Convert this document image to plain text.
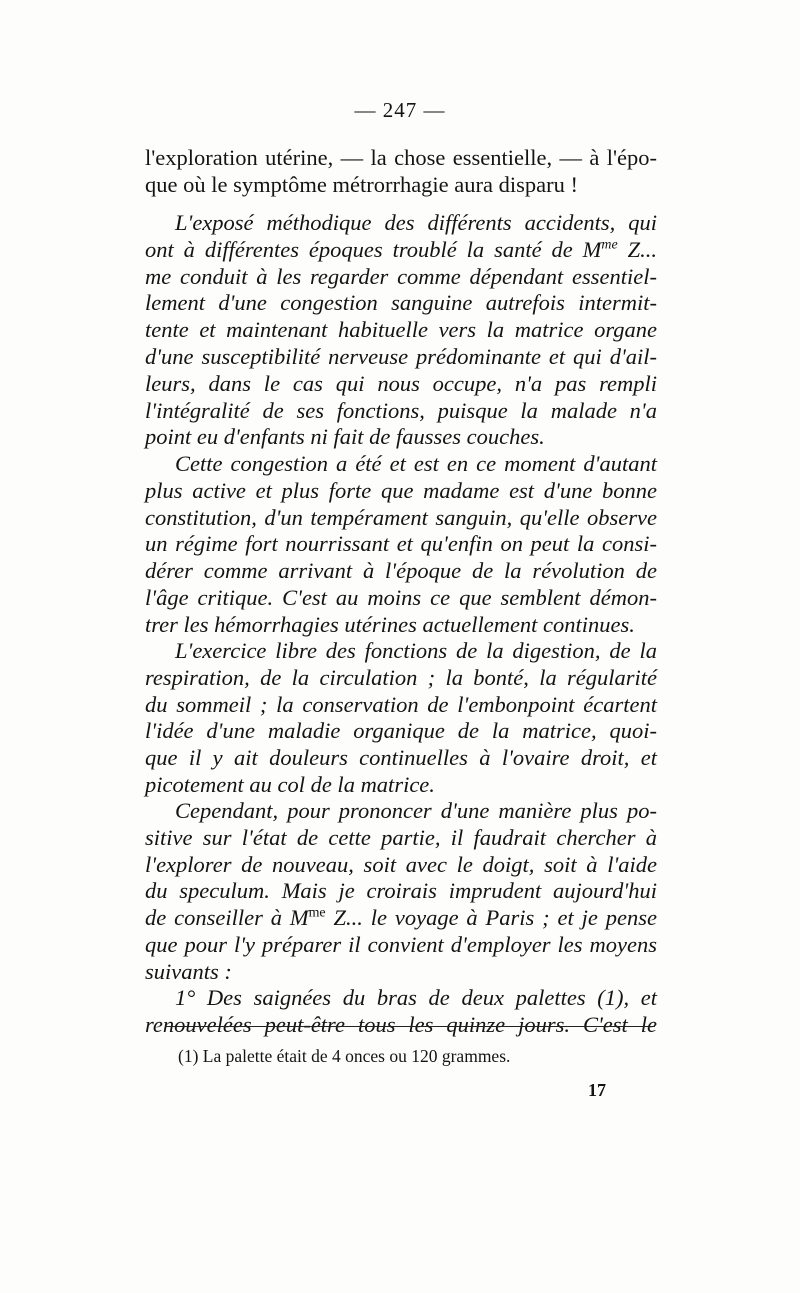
— 247 —
l'exploration utérine, — la chose essentielle, — à l'épo-
que où le symptôme métrorrhagie aura disparu !
L'exposé méthodique des différents accidents, qui
ont à différentes époques troublé la santé de $M^{me}$ Z...
me conduit à les regarder comme dépendant essentiel-
lement d'une congestion sanguine autrefois intermit-
tente et maintenant habituelle vers la matrice organe
d'une susceptibilité nerveuse prédominante et qui d'ail-
leurs, dans le cas qui nous occupe, n'a pas rempli
l'intégralité de ses fonctions, puisque la malade n'a
point eu d'enfants ni fait de fausses couches.
Cette congestion a été et est en ce moment d'autant
plus active et plus forte que madame est d'une bonne
constitution, d'un tempérament sanguin, qu'elle observe
un régime fort nourrissant et qu'enfin on peut la consi-
dérer comme arrivant à l'époque de la révolution de
l'âge critique. C'est au moins ce que semblent démon-
trer les hémorrhagies utérines actuellement continues.
L'exercice libre des fonctions de la digestion, de la
respiration, de la circulation ; la bonté, la régularité
du sommeil ; la conservation de l'embonpoint écartent
l'idée d'une maladie organique de la matrice, quoi-
que il y ait douleurs continuelles à l'ovaire droit, et
picotement au col de la matrice.
Cependant, pour prononcer d'une manière plus po-
sitive sur l'état de cette partie, il faudrait chercher à
l'explorer de nouveau, soit avec le doigt, soit à l'aide
du speculum. Mais je croirais imprudent aujourd'hui
de conseiller à $M^{me}$ Z... le voyage à Paris ; et je pense
que pour l'y préparer il convient d'employer les moyens
suivants :
1° Des saignées du bras de deux palettes (1), et
renouvelées peut-être tous les quinze jours. C'est le
(1) La palette était de 4 onces ou 120 grammes.
17
